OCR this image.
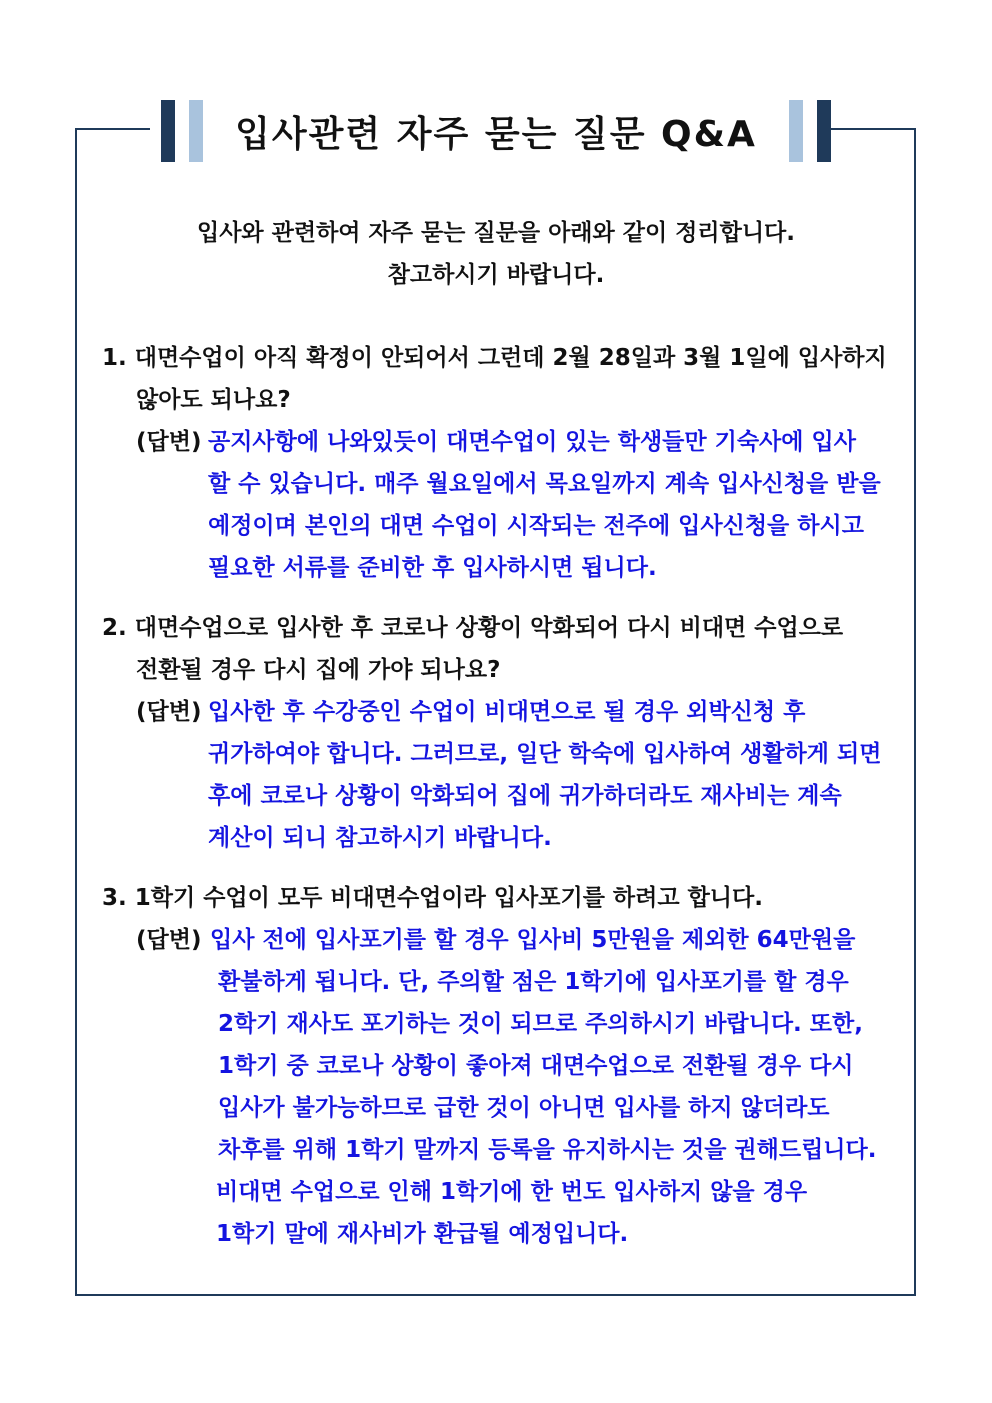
입사관련 자주 묻는 질문 Q&A
입사와 관련하여 자주 묻는 질문을 아래와 같이 정리합니다.
참고하시기 바랍니다.
1. 대면수업이 아직 확정이 안되어서 그런데 2월 28일과 3월 1일에 입사하지
않아도 되나요?
(답변) 공지사항에 나와있듯이 대면수업이 있는 학생들만 기숙사에 입사
할 수 있습니다. 매주 월요일에서 목요일까지 계속 입사신청을 받을
예정이며 본인의 대면 수업이 시작되는 전주에 입사신청을 하시고
필요한 서류를 준비한 후 입사하시면 됩니다.
2. 대면수업으로 입사한 후 코로나 상황이 악화되어 다시 비대면 수업으로
전환될 경우 다시 집에 가야 되나요?
(답변) 입사한 후 수강중인 수업이 비대면으로 될 경우 외박신청 후
귀가하여야 합니다. 그러므로, 일단 학숙에 입사하여 생활하게 되면
후에 코로나 상황이 악화되어 집에 귀가하더라도 재사비는 계속
계산이 되니 참고하시기 바랍니다.
3. 1학기 수업이 모두 비대면수업이라 입사포기를 하려고 합니다.
(답변) 입사 전에 입사포기를 할 경우 입사비 5만원을 제외한 64만원을
환불하게 됩니다. 단, 주의할 점은 1학기에 입사포기를 할 경우
2학기 재사도 포기하는 것이 되므로 주의하시기 바랍니다. 또한,
1학기 중 코로나 상황이 좋아져 대면수업으로 전환될 경우 다시
입사가 불가능하므로 급한 것이 아니면 입사를 하지 않더라도
차후를 위해 1학기 말까지 등록을 유지하시는 것을 권해드립니다.
비대면 수업으로 인해 1학기에 한 번도 입사하지 않을 경우
1학기 말에 재사비가 환급될 예정입니다.
